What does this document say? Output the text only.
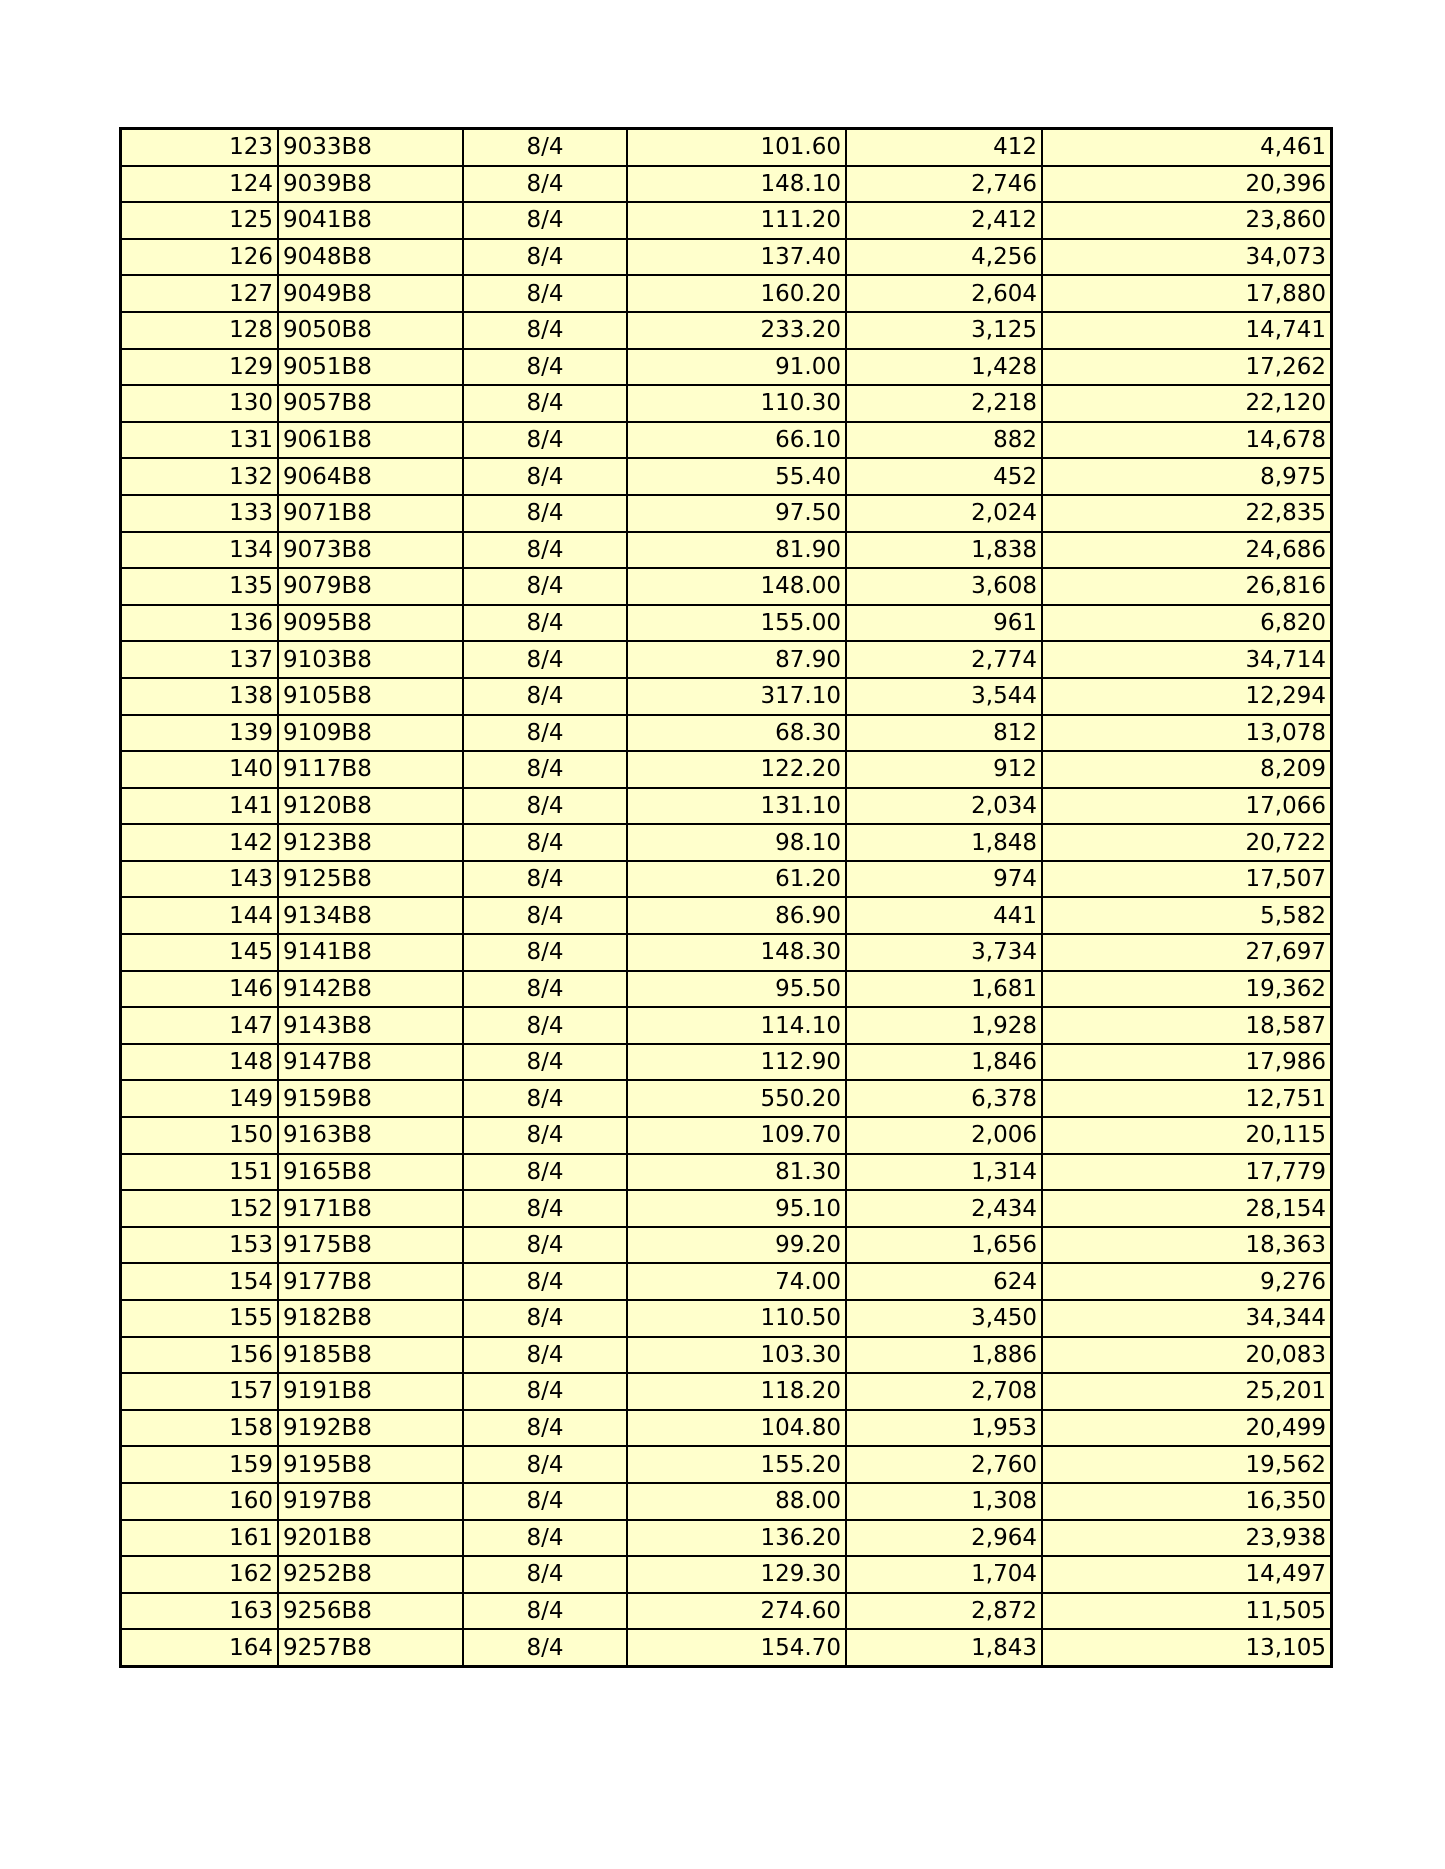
123	9033B8	8/4	101.60	412	4,461
124	9039B8	8/4	148.10	2,746	20,396
125	9041B8	8/4	111.20	2,412	23,860
126	9048B8	8/4	137.40	4,256	34,073
127	9049B8	8/4	160.20	2,604	17,880
128	9050B8	8/4	233.20	3,125	14,741
129	9051B8	8/4	91.00	1,428	17,262
130	9057B8	8/4	110.30	2,218	22,120
131	9061B8	8/4	66.10	882	14,678
132	9064B8	8/4	55.40	452	8,975
133	9071B8	8/4	97.50	2,024	22,835
134	9073B8	8/4	81.90	1,838	24,686
135	9079B8	8/4	148.00	3,608	26,816
136	9095B8	8/4	155.00	961	6,820
137	9103B8	8/4	87.90	2,774	34,714
138	9105B8	8/4	317.10	3,544	12,294
139	9109B8	8/4	68.30	812	13,078
140	9117B8	8/4	122.20	912	8,209
141	9120B8	8/4	131.10	2,034	17,066
142	9123B8	8/4	98.10	1,848	20,722
143	9125B8	8/4	61.20	974	17,507
144	9134B8	8/4	86.90	441	5,582
145	9141B8	8/4	148.30	3,734	27,697
146	9142B8	8/4	95.50	1,681	19,362
147	9143B8	8/4	114.10	1,928	18,587
148	9147B8	8/4	112.90	1,846	17,986
149	9159B8	8/4	550.20	6,378	12,751
150	9163B8	8/4	109.70	2,006	20,115
151	9165B8	8/4	81.30	1,314	17,779
152	9171B8	8/4	95.10	2,434	28,154
153	9175B8	8/4	99.20	1,656	18,363
154	9177B8	8/4	74.00	624	9,276
155	9182B8	8/4	110.50	3,450	34,344
156	9185B8	8/4	103.30	1,886	20,083
157	9191B8	8/4	118.20	2,708	25,201
158	9192B8	8/4	104.80	1,953	20,499
159	9195B8	8/4	155.20	2,760	19,562
160	9197B8	8/4	88.00	1,308	16,350
161	9201B8	8/4	136.20	2,964	23,938
162	9252B8	8/4	129.30	1,704	14,497
163	9256B8	8/4	274.60	2,872	11,505
164	9257B8	8/4	154.70	1,843	13,105
